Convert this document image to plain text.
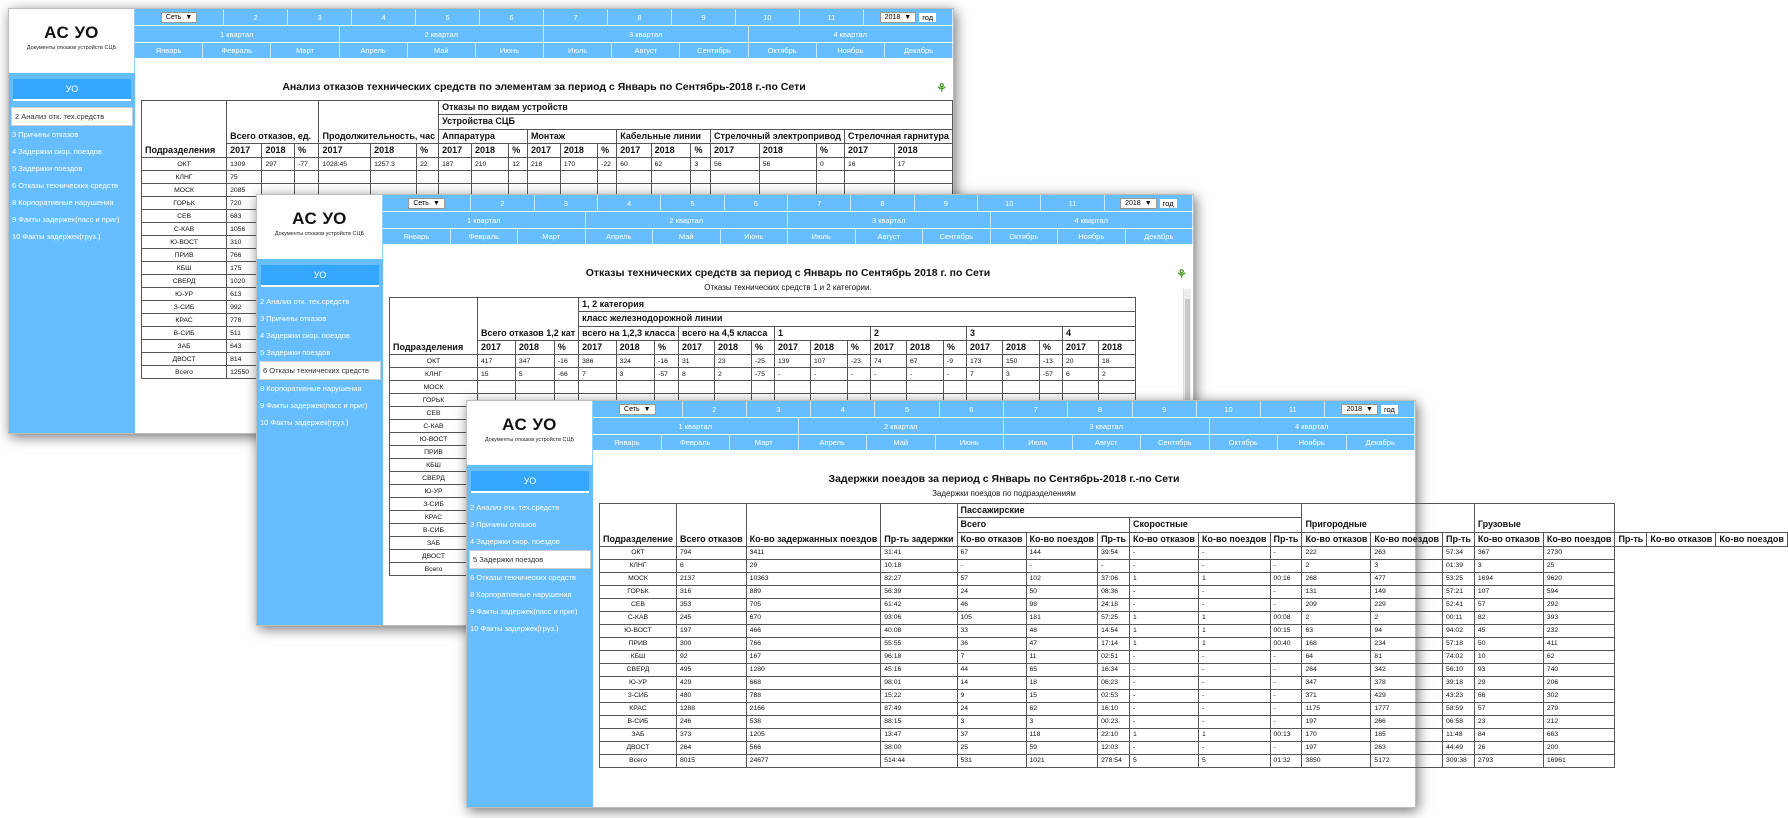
АС УО
Документы отказов устройств СЦБ
Сеть ▼	2	3	4	5	6	7	8	9	10	11	2018 ▼	год
1 квартал	2 квартал	3 квартал	4 квартал
Январь	Февраль	Март	Апрель	Май	Июнь	Июль	Август	Сентябрь	Октябрь	Ноябрь	Декабрь
УО
2 Анализ отк. тех.средств
3 Причины отказов
4 Задержки скор. поездов
5 Задержки поездов
6 Отказы технических средств
8 Корпоративные нарушения
9 Факты задержек(пасс и приг)
10 Факты задержек(груз.)
Анализ отказов технических средств по элементам за период с Январь по Сентябрь-2018 г.-по Сети	⚘
Подразделения	Всего отказов, ед.			Продолжительность, час			Отказы по видам устройств													
							Устройства СЦБ													
							Аппаратура			Монтаж			Кабельные линии			Стрелочный электропривод			Стрелочная гарнитура	
	2017	2018	%	2017	2018	%	2017	2018	%	2017	2018	%	2017	2018	%	2017	2018	%	2017	2018
ОКТ	1309	297	-77	1028:45	1257:3	22	187	210	12	218	170	-22	60	62	3	56	56	0	16	17
КЛНГ	75																			
МОСК	2085																			
ГОРЬК	720																			
СЕВ	683																			
С-КАВ	1056																			
Ю-ВОСТ	310																			
ПРИВ	766																			
КБШ	175																			
СВЕРД	1020																			
Ю-УР	613																			
З-СИБ	992																			
КРАС	778																			
В-СИБ	511																			
ЗАБ	643																			
ДВОСТ	814																			
Всего	12550																			
АС УО
Документы отказов устройств СЦБ
Сеть ▼	2	3	4	5	6	7	8	9	10	11	2018 ▼	год
1 квартал	2 квартал	3 квартал	4 квартал
Январь	Февраль	Март	Апрель	Май	Июнь	Июль	Август	Сентябрь	Октябрь	Ноябрь	Декабрь
УО
2 Анализ отк. тех.средств
3 Причины отказов
4 Задержки скор. поездов
5 Задержки поездов
6 Отказы технических средств
8 Корпоративные нарушения
9 Факты задержек(пасс и приг)
10 Факты задержек(груз.)
Отказы технических средств за период с Январь по Сентябрь 2018 г. по Сети	⚘
Отказы технических средств 1 и 2 категории.
Подразделения	Всего отказов 1,2 кат			1, 2 категория																
				класс железнодорожной линии																
				всего на 1,2,3 класса			всего на 4,5 класса			1			2			3			4	
	2017	2018	%	2017	2018	%	2017	2018	%	2017	2018	%	2017	2018	%	2017	2018	%	2017	2018
ОКТ	417	347	-16	386	324	-16	31	23	-25	139	107	-23	74	67	-9	173	150	-13	20	18
КЛНГ	15	5	-66	7	3	-57	8	2	-75	-	-	-	-	-	-	7	3	-57	6	2
МОСК																				
ГОРЬК																				
СЕВ																				
С-КАВ																				
Ю-ВОСТ																				
ПРИВ																				
КБШ																				
СВЕРД																				
Ю-УР																				
З-СИБ																				
КРАС																				
В-СИБ																				
ЗАБ																				
ДВОСТ																				
Всего																				
АС УО
Документы отказов устройств СЦБ
Сеть ▼	2	3	4	5	6	7	8	9	10	11	2018 ▼	год
1 квартал	2 квартал	3 квартал	4 квартал
Январь	Февраль	Март	Апрель	Май	Июнь	Июль	Август	Сентябрь	Октябрь	Ноябрь	Декабрь
УО
2 Анализ отк. тех.средств
3 Причины отказов
4 Задержки скор. поездов
5 Задержки поездов
6 Отказы технических средств
8 Корпоративные нарушения
9 Факты задержек(пасс и приг)
10 Факты задержек(груз.)
Задержки поездов за период с Январь по Сентябрь-2018 г.-по Сети
Задержки поездов по подразделениям
Подразделение	Всего отказов	Ко-во задержанных поездов	Пр-ть задержки	Пассажирские						Пригородные			Грузовые				
				Всего			Скоростные										
				Ко-во отказов	Ко-во поездов	Пр-ть	Ко-во отказов	Ко-во поездов	Пр-ть	Ко-во отказов	Ко-во поездов	Пр-ть	Ко-во отказов	Ко-во поездов	Пр-ть	Ко-во отказов	Ко-во поездов
ОКТ	794	3411	31:41	67	144	39:54	-	-	-	222	263	57:34	367	2730			
КЛНГ	6	29	10:18	-	-	-	-	-	-	2	3	01:39	3	25			
МОСК	2137	10363	82:27	57	102	37:06	1	1	00:16	268	477	53:25	1694	9620			
ГОРЬК	316	889	56:39	24	50	08:36	-	-	-	131	149	57:21	107	594			
СЕВ	353	705	61:42	46	98	24:18	-	-	-	209	229	52:41	57	292			
С-КАВ	245	670	93:06	105	181	57:25	1	1	00:08	2	2	00:11	82	393			
Ю-ВОСТ	197	466	40:08	33	48	14:54	1	1	00:15	63	94	94:02	45	232			
ПРИВ	300	766	55:55	36	47	17:14	1	1	00:40	168	234	57:18	50	411			
КБШ	92	167	96:18	7	11	02:51	-	-	-	64	81	74:02	10	62			
СВЕРД	495	1280	45:16	44	65	16:34	-	-	-	264	342	56:10	93	740			
Ю-УР	429	668	98:01	14	18	06:23	-	-	-	347	378	39:18	29	206			
З-СИБ	480	788	15:22	9	15	02:53	-	-	-	371	429	43:23	66	302			
КРАС	1288	2166	87:49	24	62	16:10	-	-	-	1175	1777	58:59	57	279			
В-СИБ	246	538	88:15	3	3	00:23	-	-	-	197	266	06:58	23	212			
ЗАБ	373	1205	13:47	37	118	22:10	1	1	00:13	170	185	11:48	84	663			
ДВОСТ	264	566	38:00	25	59	12:03	-	-	-	197	263	44:49	26	200			
Всего	8015	24677	514:44	531	1021	278:54	5	5	01:32	3850	5172	309:38	2793	16961			
